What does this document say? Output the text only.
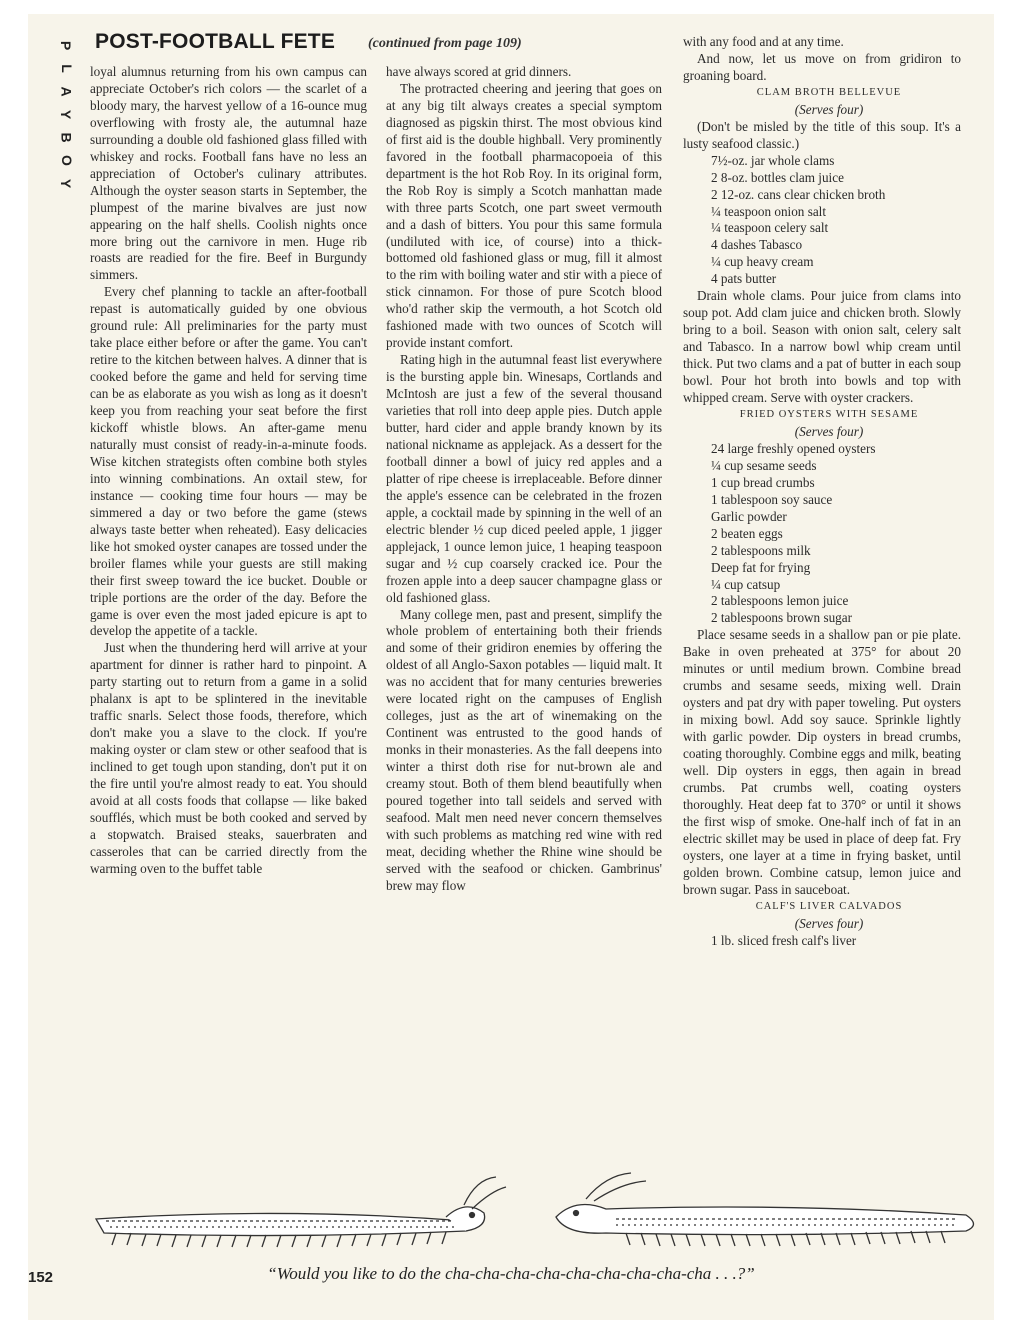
P
L
A
Y
B
O
Y
POST-FOOTBALL FETE (continued from page 109)

loyal alumnus returning from his own campus can appreciate October's rich colors — the scarlet of a bloody mary, the harvest yellow of a 16-ounce mug overflowing with frosty ale, the autumnal haze surrounding a double old fashioned glass filled with whiskey and rocks. Football fans have no less an appreciation of October's culinary attributes. Although the oyster season starts in September, the plumpest of the marine bivalves are just now appearing on the half shells. Coolish nights once more bring out the carnivore in men. Huge rib roasts are readied for the fire. Beef in Burgundy simmers.

Every chef planning to tackle an after-football repast is automatically guided by one obvious ground rule: All preliminaries for the party must take place either before or after the game. You can't retire to the kitchen between halves. A dinner that is cooked before the game and held for serving time can be as elaborate as you wish as long as it doesn't keep you from reaching your seat before the first kickoff whistle blows. An after-game menu naturally must consist of ready-in-a-minute foods. Wise kitchen strategists often combine both styles into winning combinations. An oxtail stew, for instance — cooking time four hours — may be simmered a day or two before the game (stews always taste better when reheated). Easy delicacies like hot smoked oyster canapes are tossed under the broiler flames while your guests are still making their first sweep toward the ice bucket. Double or triple portions are the order of the day. Before the game is over even the most jaded epicure is apt to develop the appetite of a tackle.

Just when the thundering herd will arrive at your apartment for dinner is rather hard to pinpoint. A party starting out to return from a game in a solid phalanx is apt to be splintered in the inevitable traffic snarls. Select those foods, therefore, which don't make you a slave to the clock. If you're making oyster or clam stew or other seafood that is inclined to get tough upon standing, don't put it on the fire until you're almost ready to eat. You should avoid at all costs foods that collapse — like baked soufflés, which must be both cooked and served by a stopwatch. Braised steaks, sauerbraten and casseroles that can be carried directly from the warming oven to the buffet table

have always scored at grid dinners.

The protracted cheering and jeering that goes on at any big tilt always creates a special symptom diagnosed as pigskin thirst. The most obvious kind of first aid is the double highball. Very prominently favored in the football pharmacopoeia of this department is the hot Rob Roy. In its original form, the Rob Roy is simply a Scotch manhattan made with three parts Scotch, one part sweet vermouth and a dash of bitters. You pour this same formula (undiluted with ice, of course) into a thick-bottomed old fashioned glass or mug, fill it almost to the rim with boiling water and stir with a piece of stick cinnamon. For those of pure Scotch blood who'd rather skip the vermouth, a hot Scotch old fashioned made with two ounces of Scotch will provide instant comfort.

Rating high in the autumnal feast list everywhere is the bursting apple bin. Winesaps, Cortlands and McIntosh are just a few of the several thousand varieties that roll into deep apple pies. Dutch apple butter, hard cider and apple brandy known by its national nickname as applejack. As a dessert for the football dinner a bowl of juicy red apples and a platter of ripe cheese is irreplaceable. Before dinner the apple's essence can be celebrated in the frozen apple, a cocktail made by spinning in the well of an electric blender ½ cup diced peeled apple, 1 jigger applejack, 1 ounce lemon juice, 1 heaping teaspoon sugar and ½ cup coarsely cracked ice. Pour the frozen apple into a deep saucer champagne glass or old fashioned glass.

Many college men, past and present, simplify the whole problem of entertaining both their friends and some of their gridiron enemies by offering the oldest of all Anglo-Saxon potables — liquid malt. It was no accident that for many centuries breweries were located right on the campuses of English colleges, just as the art of winemaking on the Continent was entrusted to the good hands of monks in their monasteries. As the fall deepens into winter a thirst doth rise for nut-brown ale and creamy stout. Both of them blend beautifully when poured together into tall seidels and served with seafood. Malt men need never concern themselves with such problems as matching red wine with red meat, deciding whether the Rhine wine should be served with the seafood or chicken. Gambrinus' brew may flow

with any food and at any time.

And now, let us move on from gridiron to groaning board.

CLAM BROTH BELLEVUE

(Serves four)

(Don't be misled by the title of this soup. It's a lusty seafood classic.)

7½-oz. jar whole clams

2 8-oz. bottles clam juice

2 12-oz. cans clear chicken broth

¼ teaspoon onion salt

¼ teaspoon celery salt

4 dashes Tabasco

¼ cup heavy cream

4 pats butter

Drain whole clams. Pour juice from clams into soup pot. Add clam juice and chicken broth. Slowly bring to a boil. Season with onion salt, celery salt and Tabasco. In a narrow bowl whip cream until thick. Put two clams and a pat of butter in each soup bowl. Pour hot broth into bowls and top with whipped cream. Serve with oyster crackers.

FRIED OYSTERS WITH SESAME

(Serves four)

24 large freshly opened oysters

¼ cup sesame seeds

1 cup bread crumbs

1 tablespoon soy sauce

Garlic powder

2 beaten eggs

2 tablespoons milk

Deep fat for frying

¼ cup catsup

2 tablespoons lemon juice

2 tablespoons brown sugar

Place sesame seeds in a shallow pan or pie plate. Bake in oven preheated at 375° for about 20 minutes or until medium brown. Combine bread crumbs and sesame seeds, mixing well. Drain oysters and pat dry with paper toweling. Put oysters in mixing bowl. Add soy sauce. Sprinkle lightly with garlic powder. Dip oysters in bread crumbs, coating thoroughly. Combine eggs and milk, beating well. Dip oysters in eggs, then again in bread crumbs. Pat crumbs well, coating oysters thoroughly. Heat deep fat to 370° or until it shows the first wisp of smoke. One-half inch of fat in an electric skillet may be used in place of deep fat. Fry oysters, one layer at a time in frying basket, until golden brown. Combine catsup, lemon juice and brown sugar. Pass in sauceboat.

CALF'S LIVER CALVADOS

(Serves four)

1 lb. sliced fresh calf's liver

152	“Would you like to do the cha-cha-cha-cha-cha-cha-cha-cha-cha . . .?”
